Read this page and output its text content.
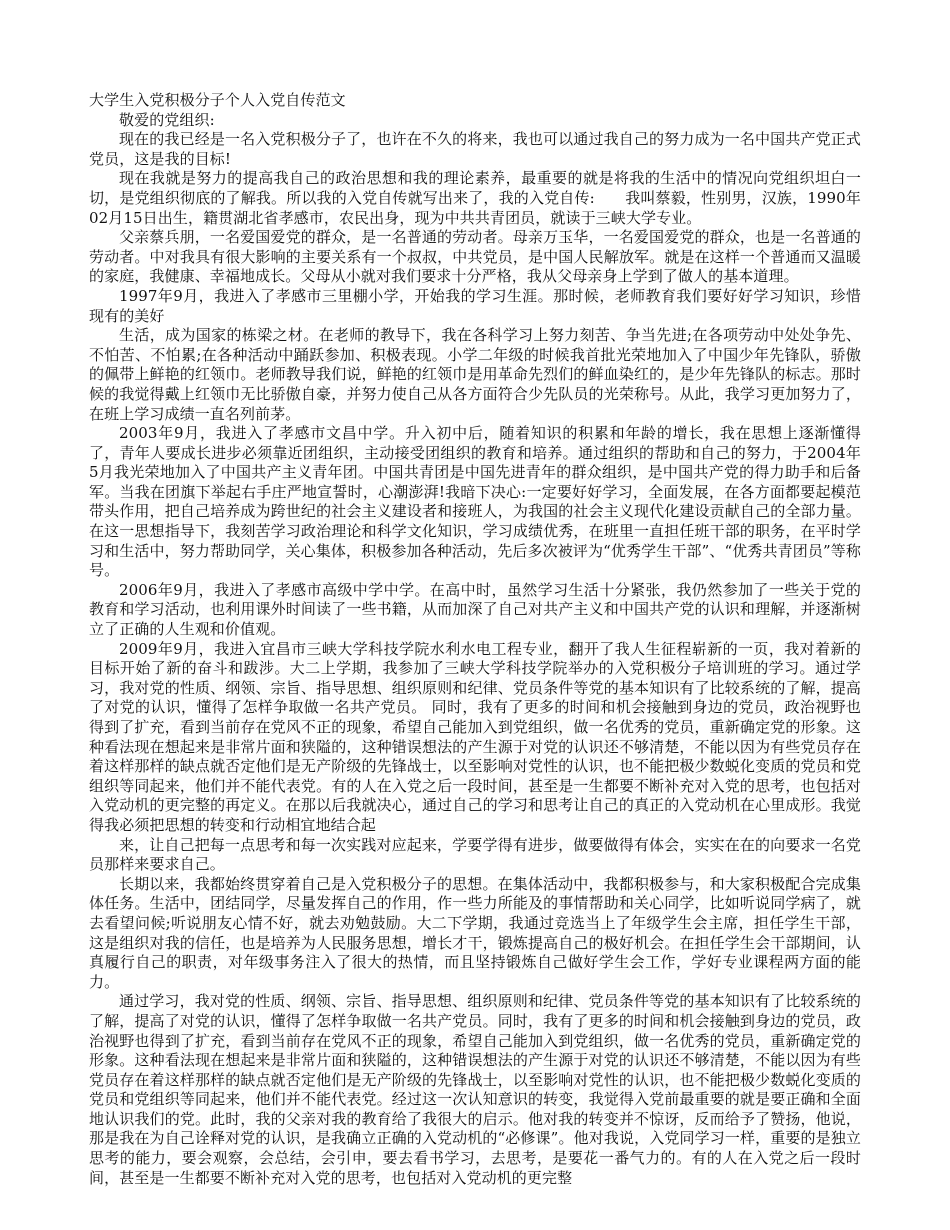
大学生入党积极分子个人入党自传范文

敬爱的党组织:

现在的我已经是一名入党积极分子了，也许在不久的将来，我也可以通过我自己的努力成为一名中国共产党正式党员，这是我的目标!

现在我就是努力的提高我自己的政治思想和我的理论素养，最重要的就是将我的生活中的情况向党组织坦白一切，是党组织彻底的了解我。所以我的入党自传就写出来了，我的入党自传:　　我叫蔡毅，性别男，汉族，1990年02月15日出生，籍贯湖北省孝感市，农民出身，现为中共共青团员，就读于三峡大学专业。

父亲蔡兵朋，一名爱国爱党的群众，是一名普通的劳动者。母亲万玉华，一名爱国爱党的群众，也是一名普通的劳动者。中对我具有很大影响的主要关系有一个叔叔，中共党员，是中国人民解放军。就是在这样一个普通而又温暖的家庭，我健康、幸福地成长。父母从小就对我们要求十分严格，我从父母亲身上学到了做人的基本道理。

1997年9月，我进入了孝感市三里棚小学，开始我的学习生涯。那时候，老师教育我们要好好学习知识，珍惜现有的美好

生活，成为国家的栋梁之材。在老师的教导下，我在各科学习上努力刻苦、争当先进;在各项劳动中处处争先、不怕苦、不怕累;在各种活动中踊跃参加、积极表现。小学二年级的时候我首批光荣地加入了中国少年先锋队，骄傲的佩带上鲜艳的红领巾。老师教导我们说，鲜艳的红领巾是用革命先烈们的鲜血染红的，是少年先锋队的标志。那时候的我觉得戴上红领巾无比骄傲自豪，并努力使自己从各方面符合少先队员的光荣称号。从此，我学习更加努力了，在班上学习成绩一直名列前茅。

2003年9月，我进入了孝感市文昌中学。升入初中后，随着知识的积累和年龄的增长，我在思想上逐渐懂得了，青年人要成长进步必须靠近团组织，主动接受团组织的教育和培养。通过组织的帮助和自己的努力，于2004年5月我光荣地加入了中国共产主义青年团。中国共青团是中国先进青年的群众组织，是中国共产党的得力助手和后备军。当我在团旗下举起右手庄严地宣誓时，心潮澎湃!我暗下决心:一定要好好学习，全面发展，在各方面都要起模范带头作用，把自己培养成为跨世纪的社会主义建设者和接班人，为我国的社会主义现代化建设贡献自己的全部力量。在这一思想指导下，我刻苦学习政治理论和科学文化知识，学习成绩优秀，在班里一直担任班干部的职务，在平时学习和生活中，努力帮助同学，关心集体，积极参加各种活动，先后多次被评为“优秀学生干部”、“优秀共青团员”等称号。

2006年9月，我进入了孝感市高级中学中学。在高中时，虽然学习生活十分紧张，我仍然参加了一些关于党的教育和学习活动，也利用课外时间读了一些书籍，从而加深了自己对共产主义和中国共产党的认识和理解，并逐渐树立了正确的人生观和价值观。

2009年9月，我进入宜昌市三峡大学科技学院水利水电工程专业，翻开了我人生征程崭新的一页，我对着新的目标开始了新的奋斗和跋涉。大二上学期，我参加了三峡大学科技学院举办的入党积极分子培训班的学习。通过学习，我对党的性质、纲领、宗旨、指导思想、组织原则和纪律、党员条件等党的基本知识有了比较系统的了解，提高了对党的认识，懂得了怎样争取做一名共产党员。 同时，我有了更多的时间和机会接触到身边的党员，政治视野也得到了扩充，看到当前存在党风不正的现象，希望自己能加入到党组织，做一名优秀的党员，重新确定党的形象。这种看法现在想起来是非常片面和狭隘的，这种错误想法的产生源于对党的认识还不够清楚，不能以因为有些党员存在着这样那样的缺点就否定他们是无产阶级的先锋战士，以至影响对党性的认识，也不能把极少数蜕化变质的党员和党组织等同起来，他们并不能代表党。有的人在入党之后一段时间，甚至是一生都要不断补充对入党的思考，也包括对入党动机的更完整的再定义。在那以后我就决心，通过自己的学习和思考让自己的真正的入党动机在心里成形。我觉得我必须把思想的转变和行动相宜地结合起

来，让自己把每一点思考和每一次实践对应起来，学要学得有进步，做要做得有体会，实实在在的向要求一名党员那样来要求自己。

长期以来，我都始终贯穿着自己是入党积极分子的思想。在集体活动中，我都积极参与，和大家积极配合完成集体任务。生活中，团结同学，尽量发挥自己的作用，作一些力所能及的事情帮助和关心同学，比如听说同学病了，就去看望问候;听说朋友心情不好，就去劝勉鼓励。大二下学期，我通过竞选当上了年级学生会主席，担任学生干部，这是组织对我的信任，也是培养为人民服务思想，增长才干，锻炼提高自己的极好机会。在担任学生会干部期间，认真履行自己的职责，对年级事务注入了很大的热情，而且坚持锻炼自己做好学生会工作，学好专业课程两方面的能力。

通过学习，我对党的性质、纲领、宗旨、指导思想、组织原则和纪律、党员条件等党的基本知识有了比较系统的了解，提高了对党的认识，懂得了怎样争取做一名共产党员。同时，我有了更多的时间和机会接触到身边的党员，政治视野也得到了扩充，看到当前存在党风不正的现象，希望自己能加入到党组织，做一名优秀的党员，重新确定党的形象。这种看法现在想起来是非常片面和狭隘的，这种错误想法的产生源于对党的认识还不够清楚，不能以因为有些党员存在着这样那样的缺点就否定他们是无产阶级的先锋战士，以至影响对党性的认识，也不能把极少数蜕化变质的党员和党组织等同起来，他们并不能代表党。经过这一次认知意识的转变，我觉得入党前最重要的就是要正确和全面地认识我们的党。此时，我的父亲对我的教育给了我很大的启示。他对我的转变并不惊讶，反而给予了赞扬，他说，那是我在为自己诠释对党的认识，是我确立正确的入党动机的“必修课”。他对我说，入党同学习一样，重要的是独立思考的能力，要会观察，会总结，会引申，要去看书学习，去思考，是要花一番气力的。有的人在入党之后一段时间，甚至是一生都要不断补充对入党的思考，也包括对入党动机的更完整
